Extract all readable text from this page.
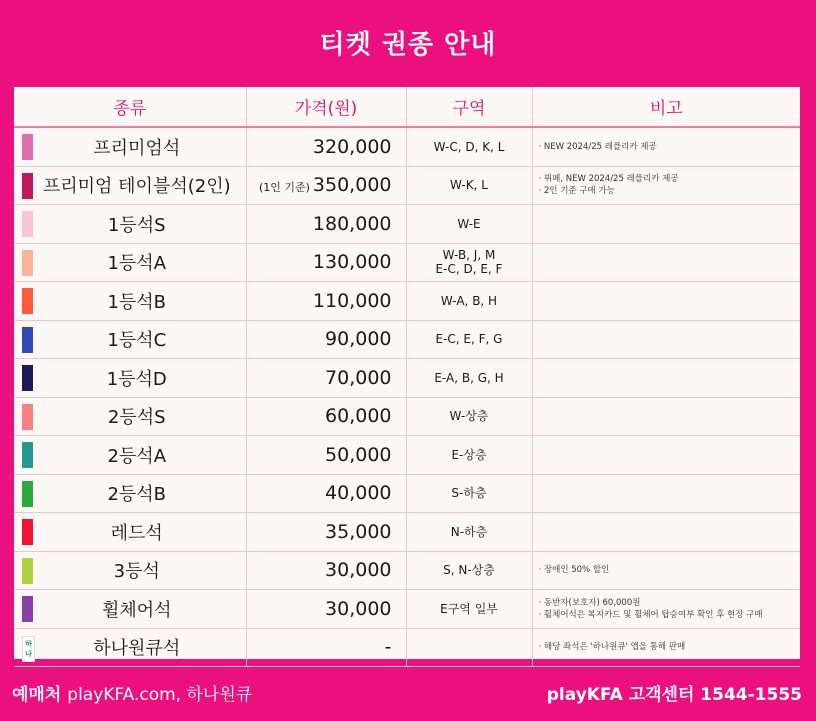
티켓 권종 안내
종류	가격(원)	구역	비고

프리미엄석	320,000	W-C, D, K, L	· NEW 2024/25 레플리카 제공

프리미엄 테이블석(2인)	(1인 기준) 350,000	W-K, L	· 뷔페, NEW 2024/25 레플리카 제공
· 2인 기준 구매 가능

1등석S	180,000	W-E	

1등석A	130,000	W-B, J, M
E-C, D, E, F	

1등석B	110,000	W-A, B, H	

1등석C	90,000	E-C, E, F, G	

1등석D	70,000	E-A, B, G, H	

2등석S	60,000	W-상층	

2등석A	50,000	E-상층	

2등석B	40,000	S-하층	

레드석	35,000	N-하층	

3등석	30,000	S, N-상층	· 장애인 50% 할인

휠체어석	30,000	E구역 일부	· 동반자(보호자) 60,000원
· 휠체어석은 복지카드 및 휠체어 탑승여부 확인 후 현장 구매

하나 하나원큐석	-		· 해당 좌석은 '하나원큐' 앱을 통해 판매
예매처 playKFA.com, 하나원큐	playKFA 고객센터 1544-1555
